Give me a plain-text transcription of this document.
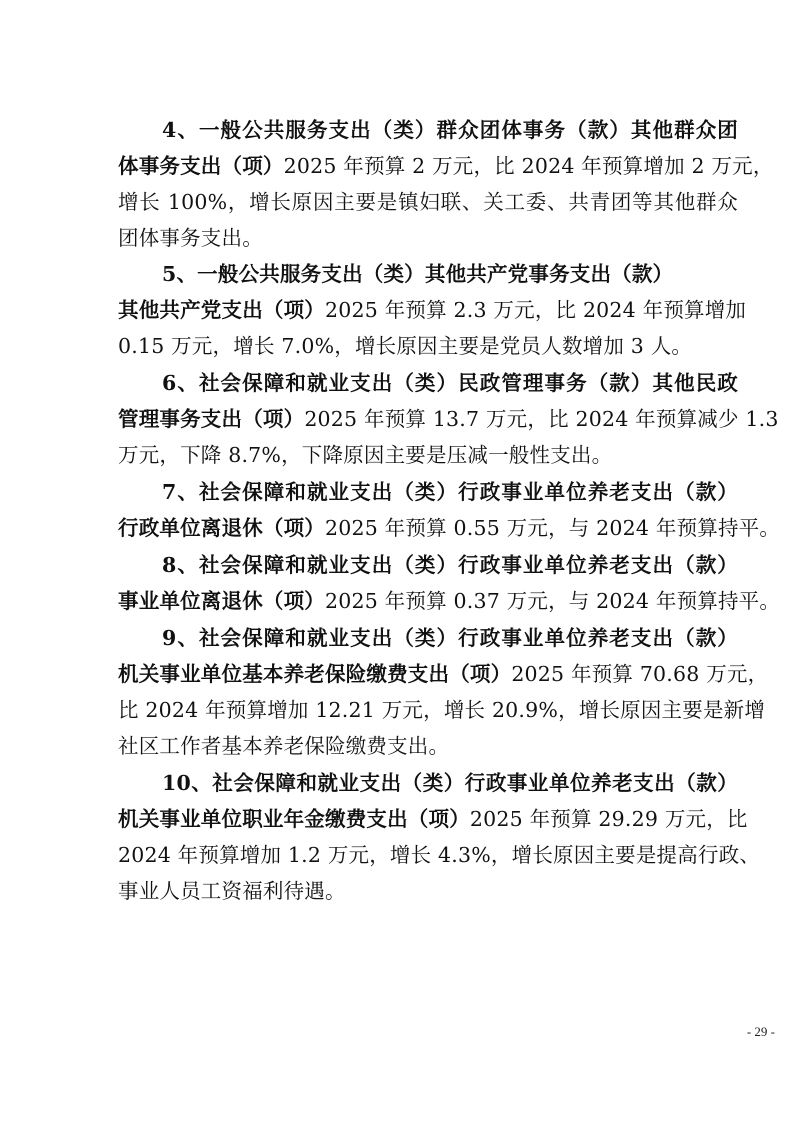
4、一般公共服务支出（类）群众团体事务（款）其他群众团
体事务支出（项）2025 年预算 2 万元，比 2024 年预算增加 2 万元，
增长 100%，增长原因主要是镇妇联、关工委、共青团等其他群众
团体事务支出。
5、一般公共服务支出（类）其他共产党事务支出（款）
其他共产党支出（项）2025 年预算 2.3 万元，比 2024 年预算增加
0.15 万元，增长 7.0%，增长原因主要是党员人数增加 3 人。
6、社会保障和就业支出（类）民政管理事务（款）其他民政
管理事务支出（项）2025 年预算 13.7 万元，比 2024 年预算减少 1.3
万元，下降 8.7%，下降原因主要是压减一般性支出。
7、社会保障和就业支出（类）行政事业单位养老支出（款）
行政单位离退休（项）2025 年预算 0.55 万元，与 2024 年预算持平。
8、社会保障和就业支出（类）行政事业单位养老支出（款）
事业单位离退休（项）2025 年预算 0.37 万元，与 2024 年预算持平。
9、社会保障和就业支出（类）行政事业单位养老支出（款）
机关事业单位基本养老保险缴费支出（项）2025 年预算 70.68 万元，
比 2024 年预算增加 12.21 万元，增长 20.9%，增长原因主要是新增
社区工作者基本养老保险缴费支出。
10、社会保障和就业支出（类）行政事业单位养老支出（款）
机关事业单位职业年金缴费支出（项）2025 年预算 29.29 万元，比
2024 年预算增加 1.2 万元，增长 4.3%，增长原因主要是提高行政、
事业人员工资福利待遇。
- 29 -
